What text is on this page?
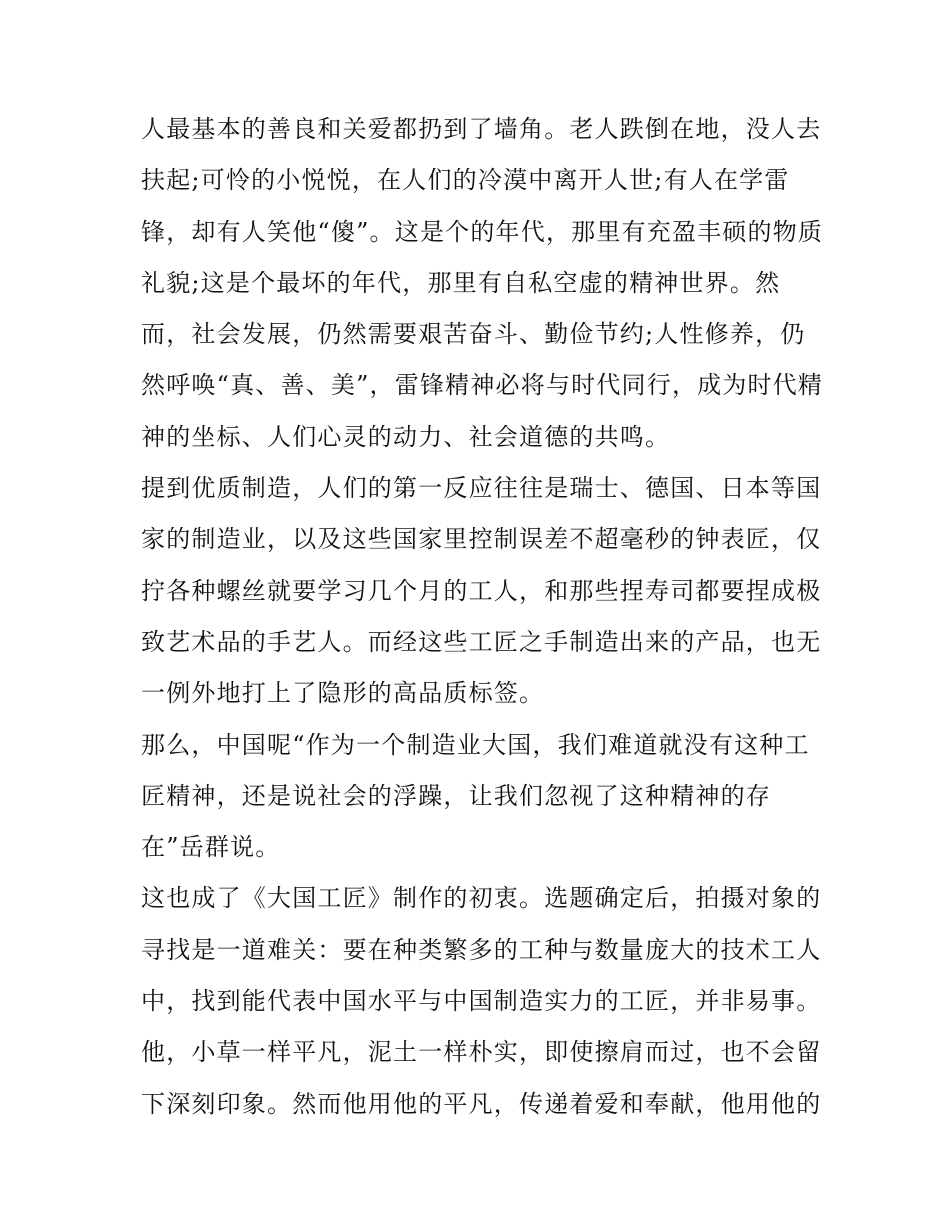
人最基本的善良和关爱都扔到了墙角。老人跌倒在地，没人去
扶起;可怜的小悦悦，在人们的冷漠中离开人世;有人在学雷
锋，却有人笑他“傻”。这是个的年代，那里有充盈丰硕的物质
礼貌;这是个最坏的年代，那里有自私空虚的精神世界。然
而，社会发展，仍然需要艰苦奋斗、勤俭节约;人性修养，仍
然呼唤“真、善、美”，雷锋精神必将与时代同行，成为时代精
神的坐标、人们心灵的动力、社会道德的共鸣。
提到优质制造，人们的第一反应往往是瑞士、德国、日本等国
家的制造业，以及这些国家里控制误差不超毫秒的钟表匠，仅
拧各种螺丝就要学习几个月的工人，和那些捏寿司都要捏成极
致艺术品的手艺人。而经这些工匠之手制造出来的产品，也无
一例外地打上了隐形的高品质标签。
那么，中国呢“作为一个制造业大国，我们难道就没有这种工
匠精神，还是说社会的浮躁，让我们忽视了这种精神的存
在”岳群说。
这也成了《大国工匠》制作的初衷。选题确定后，拍摄对象的
寻找是一道难关：要在种类繁多的工种与数量庞大的技术工人
中，找到能代表中国水平与中国制造实力的工匠，并非易事。
他，小草一样平凡，泥土一样朴实，即使擦肩而过，也不会留
下深刻印象。然而他用他的平凡，传递着爱和奉献，他用他的
